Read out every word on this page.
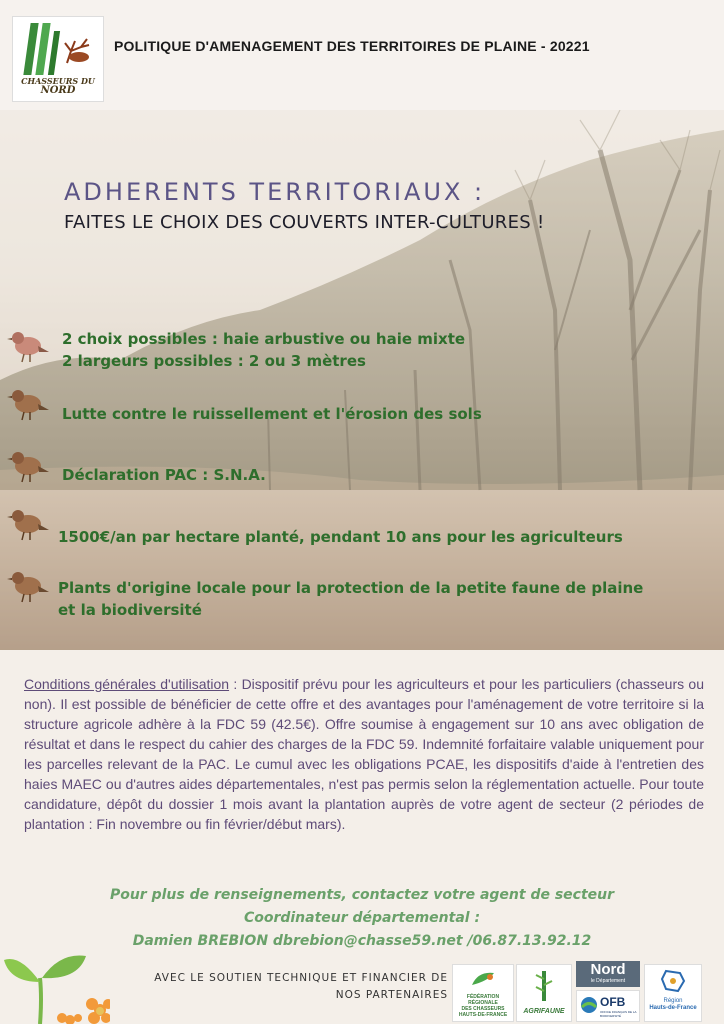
CHASSEURS DU
NORD
POLITIQUE D'AMENAGEMENT DES TERRITOIRES DE PLAINE - 20221
ADHERENTS TERRITORIAUX :
FAITES LE CHOIX DES COUVERTS INTER-CULTURES !
2 choix possibles : haie arbustive ou haie mixte
2 largeurs possibles : 2 ou 3 mètres
Lutte contre le ruissellement et l'érosion des sols
Déclaration PAC : S.N.A.
1500€/an par hectare planté, pendant 10 ans pour les agriculteurs
Plants d'origine locale pour la protection de la petite faune de plaine
et la biodiversité
Conditions générales d'utilisation : Dispositif prévu pour les agriculteurs et pour les particuliers (chasseurs ou non). Il est possible de bénéficier de cette offre et des avantages pour l'aménagement de votre territoire si la structure agricole adhère à la FDC 59 (42.5€). Offre soumise à engagement sur 10 ans avec obligation de résultat et dans le respect du cahier des charges de la FDC 59. Indemnité forfaitaire valable uniquement pour les parcelles relevant de la PAC. Le cumul avec les obligations PCAE, les dispositifs d'aide à l'entretien des haies MAEC ou d'autres aides départementales, n'est pas permis selon la réglementation actuelle. Pour toute candidature, dépôt du dossier 1 mois avant la plantation auprès de votre agent de secteur (2 périodes de plantation : Fin novembre ou fin février/début mars).
Pour plus de renseignements, contactez votre agent de secteur
Coordinateur départemental :
Damien BREBION dbrebion@chasse59.net /06.87.13.92.12
AVEC LE SOUTIEN TECHNIQUE ET FINANCIER DE
NOS PARTENAIRES	FÉDÉRATION
RÉGIONALE
DES CHASSEURS
HAUTS-DE-FRANCE	AGRIFAUNE
Nord
le Département
OFB
OFFICE FRANÇAIS DE LA BIODIVERSITÉ
Région
Hauts-de-France
